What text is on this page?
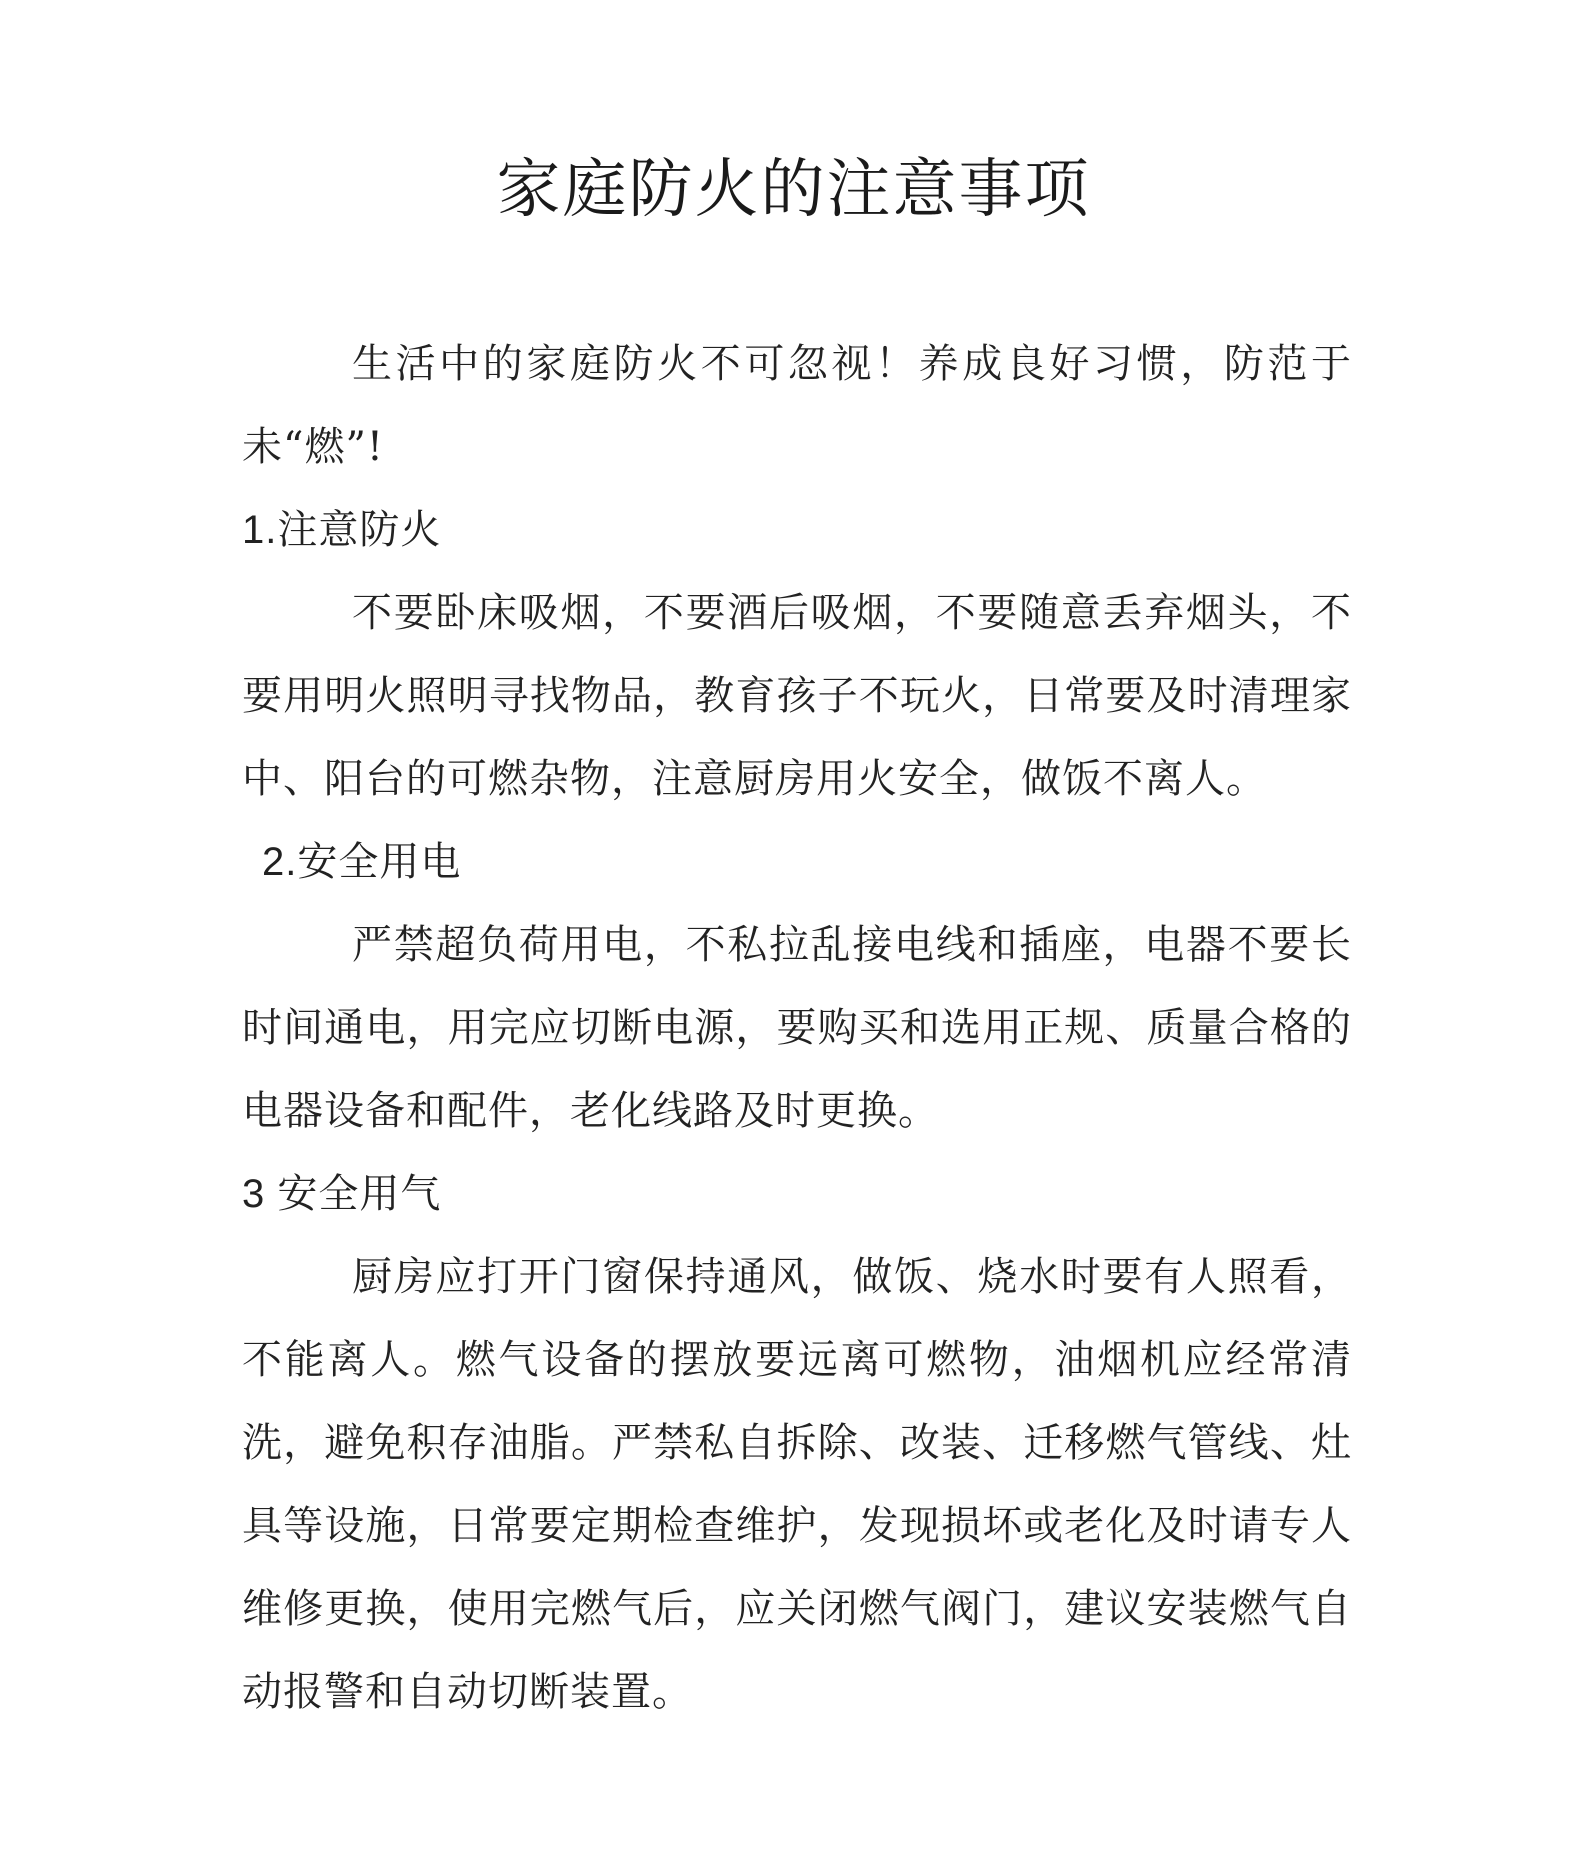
家庭防火的注意事项

生活中的家庭防火不可忽视！养成良好习惯，防范于未“燃”!

1.注意防火

不要卧床吸烟，不要酒后吸烟，不要随意丢弃烟头，不要用明火照明寻找物品，教育孩子不玩火，日常要及时清理家中、阳台的可燃杂物，注意厨房用火安全，做饭不离人。

2.安全用电

严禁超负荷用电，不私拉乱接电线和插座，电器不要长时间通电，用完应切断电源，要购买和选用正规、质量合格的电器设备和配件，老化线路及时更换。

3 安全用气

厨房应打开门窗保持通风，做饭、烧水时要有人照看，不能离人。燃气设备的摆放要远离可燃物，油烟机应经常清洗，避免积存油脂。严禁私自拆除、改装、迁移燃气管线、灶具等设施，日常要定期检查维护，发现损坏或老化及时请专人维修更换，使用完燃气后，应关闭燃气阀门，建议安装燃气自动报警和自动切断装置。
